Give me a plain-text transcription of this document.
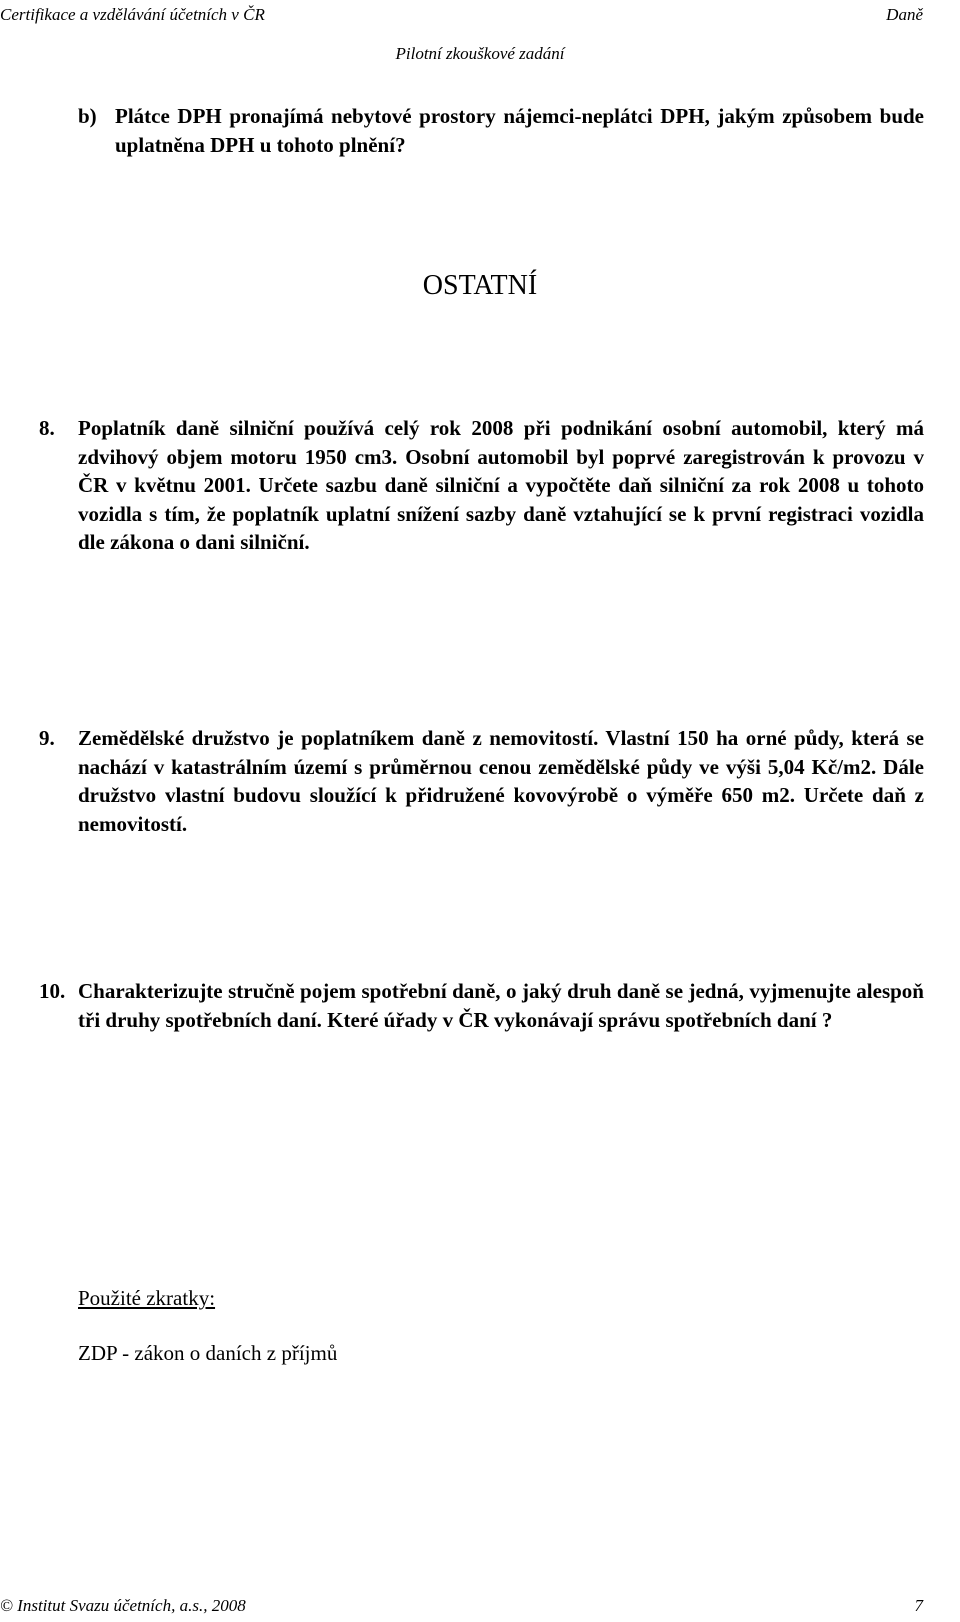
Certifikace a vzdělávání účetních v ČR	Daně
Pilotní zkouškové zadání
b) Plátce DPH pronajímá nebytové prostory nájemci-neplátci DPH, jakým způsobem bude uplatněna DPH u tohoto plnění?
OSTATNÍ
8.	Poplatník daně silniční používá celý rok 2008 při podnikání osobní automobil, který má zdvihový objem motoru 1950 cm3. Osobní automobil byl poprvé zaregistrován k provozu v ČR v květnu 2001. Určete sazbu daně silniční a vypočtěte daň silniční za rok 2008 u tohoto vozidla s tím, že poplatník uplatní snížení sazby daně vztahující se k první registraci vozidla dle zákona o dani silniční.
9.	Zemědělské družstvo je poplatníkem daně z nemovitostí. Vlastní 150 ha orné půdy, která se nachází v katastrálním území s průměrnou cenou zemědělské půdy ve výši 5,04 Kč/m2. Dále družstvo vlastní budovu sloužící k přidružené kovovýrobě o výměře 650 m2. Určete daň z nemovitostí.
10. Charakterizujte stručně pojem spotřební daně, o jaký druh daně se jedná, vyjmenujte alespoň tři druhy spotřebních daní. Které úřady v ČR vykonávají správu spotřebních daní ?
Použité zkratky:
ZDP - zákon o daních z příjmů
© Institut Svazu účetních, a.s., 2008	7
